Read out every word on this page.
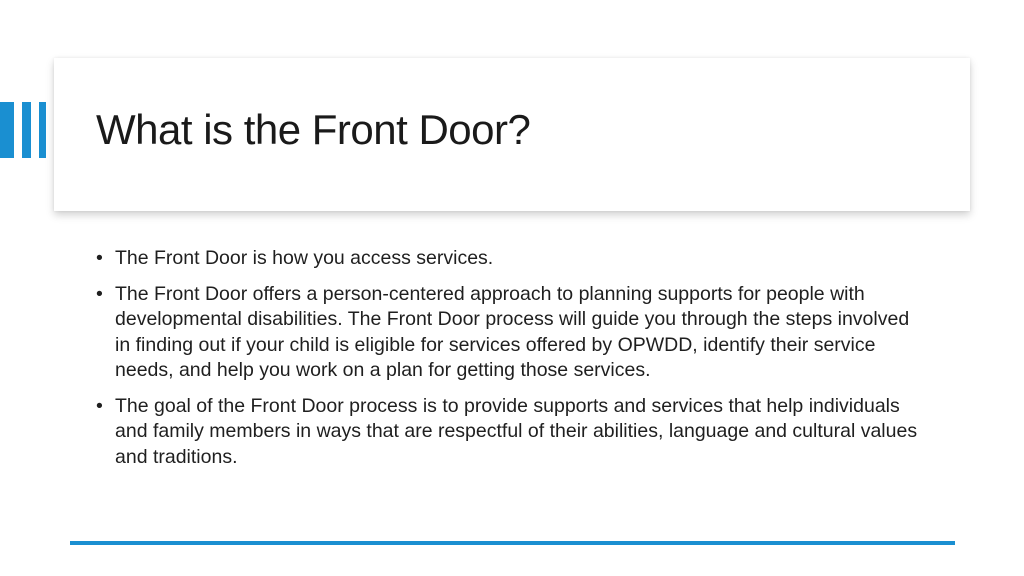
What is the Front Door?
• The Front Door is how you access services.
• The Front Door offers a person-centered approach to planning supports for people with developmental disabilities. The Front Door process will guide you through the steps involved in finding out if your child is eligible for services offered by OPWDD, identify their service needs, and help you work on a plan for getting those services.
• The goal of the Front Door process is to provide supports and services that help individuals and family members in ways that are respectful of their abilities, language and cultural values and traditions.
